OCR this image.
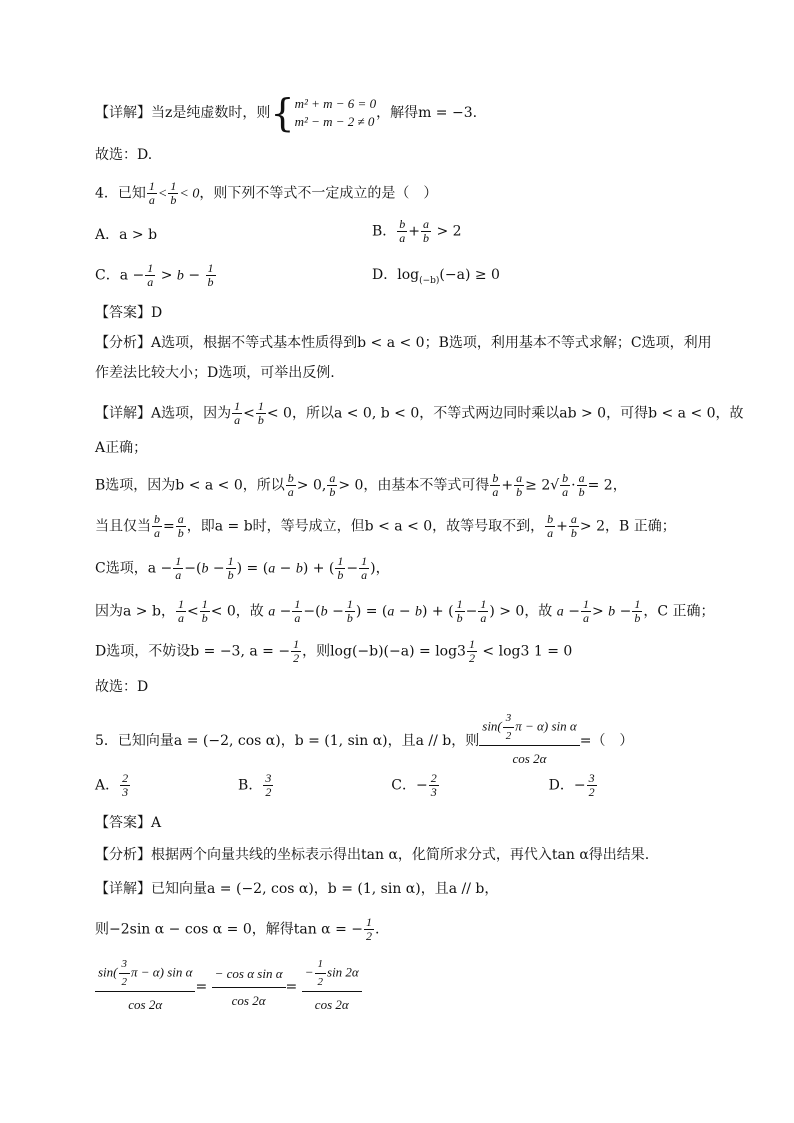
【详解】当z是纯虚数时，则 { m² + m − 6 = 0
m² − m − 2 ≠ 0
，解得m = −3.
故选：D.
4．已知 $\frac{1}{a} < \frac{1}{b} < 0$，则下列不等式不一定成立的是（　）
A．a > b	B． $\frac{b}{a} + \frac{a}{b} > 2$
C．$a - \frac{1}{a} > b - \frac{1}{b}$	D．$\log_{(-b)}(-a) \ge 0$
【答案】D
【分析】A选项，根据不等式基本性质得到b < a < 0；B选项，利用基本不等式求解；C选项，利用
作差法比较大小；D选项，可举出反例.
【详解】A选项，因为 $\frac{1}{a} < \frac{1}{b} < 0$，所以a < 0, b < 0，不等式两边同时乘以ab > 0，可得b < a < 0，故
A正确；
B选项，因为b < a < 0，所以 $\frac{b}{a} > 0$, $\frac{a}{b} > 0$，由基本不等式可得 $\frac{b}{a} + \frac{a}{b} \ge 2√ \frac{b}{a} \cdot \frac{a}{b} = 2$，
当且仅当 $\frac{b}{a} = \frac{a}{b}$ ，即a = b时，等号成立，但b < a < 0，故等号取不到， $\frac{b}{a} + \frac{a}{b} > 2$，B 正确；
C选项，$a - \frac{1}{a} -(b - \frac{1}{b}$ ) = (a − b) + ( $\frac{1}{b} - \frac{1}{a}$ )，
因为a > b， $\frac{1}{a} < \frac{1}{b} < 0$，故 $a - \frac{1}{a} -(b - \frac{1}{b}$ ) = (a − b) + ( $\frac{1}{b} - \frac{1}{a}$ ) > 0，故 $a - \frac{1}{a} > b - \frac{1}{b}$ ，C 正确；
D选项，不妨设b = −3, a = − $\frac{1}{2}$ ，则$\log(-b)(-a) = \log 3 \frac{1}{2} < \log 3$ 1 = 0
故选：D
5．已知向量a = (−2, cos α)，b = (1, sin α)，且a // b，则 $\frac{\sin( \frac{3}{2} \pi - \alpha) \sin \alpha}{\cos 2\alpha}$ =（　）
A． $\frac{2}{3}$	B． $\frac{3}{2}$	C．− $\frac{2}{3}$	D．− $\frac{3}{2}$
【答案】A
【分析】根据两个向量共线的坐标表示得出tan α，化简所求分式，再代入tan α得出结果.
【详解】已知向量a = (−2, cos α)，b = (1, sin α)，且a // b，
则−2sin α − cos α = 0，解得tan α = − $\frac{1}{2}$ .
$\frac{\sin( \frac{3}{2} \pi - \alpha) \sin \alpha}{\cos 2\alpha} = \frac{\text{− cos α sin α}}{\cos 2\alpha} = \frac{- \frac{1}{2} \sin 2\alpha}{\cos 2\alpha}$
